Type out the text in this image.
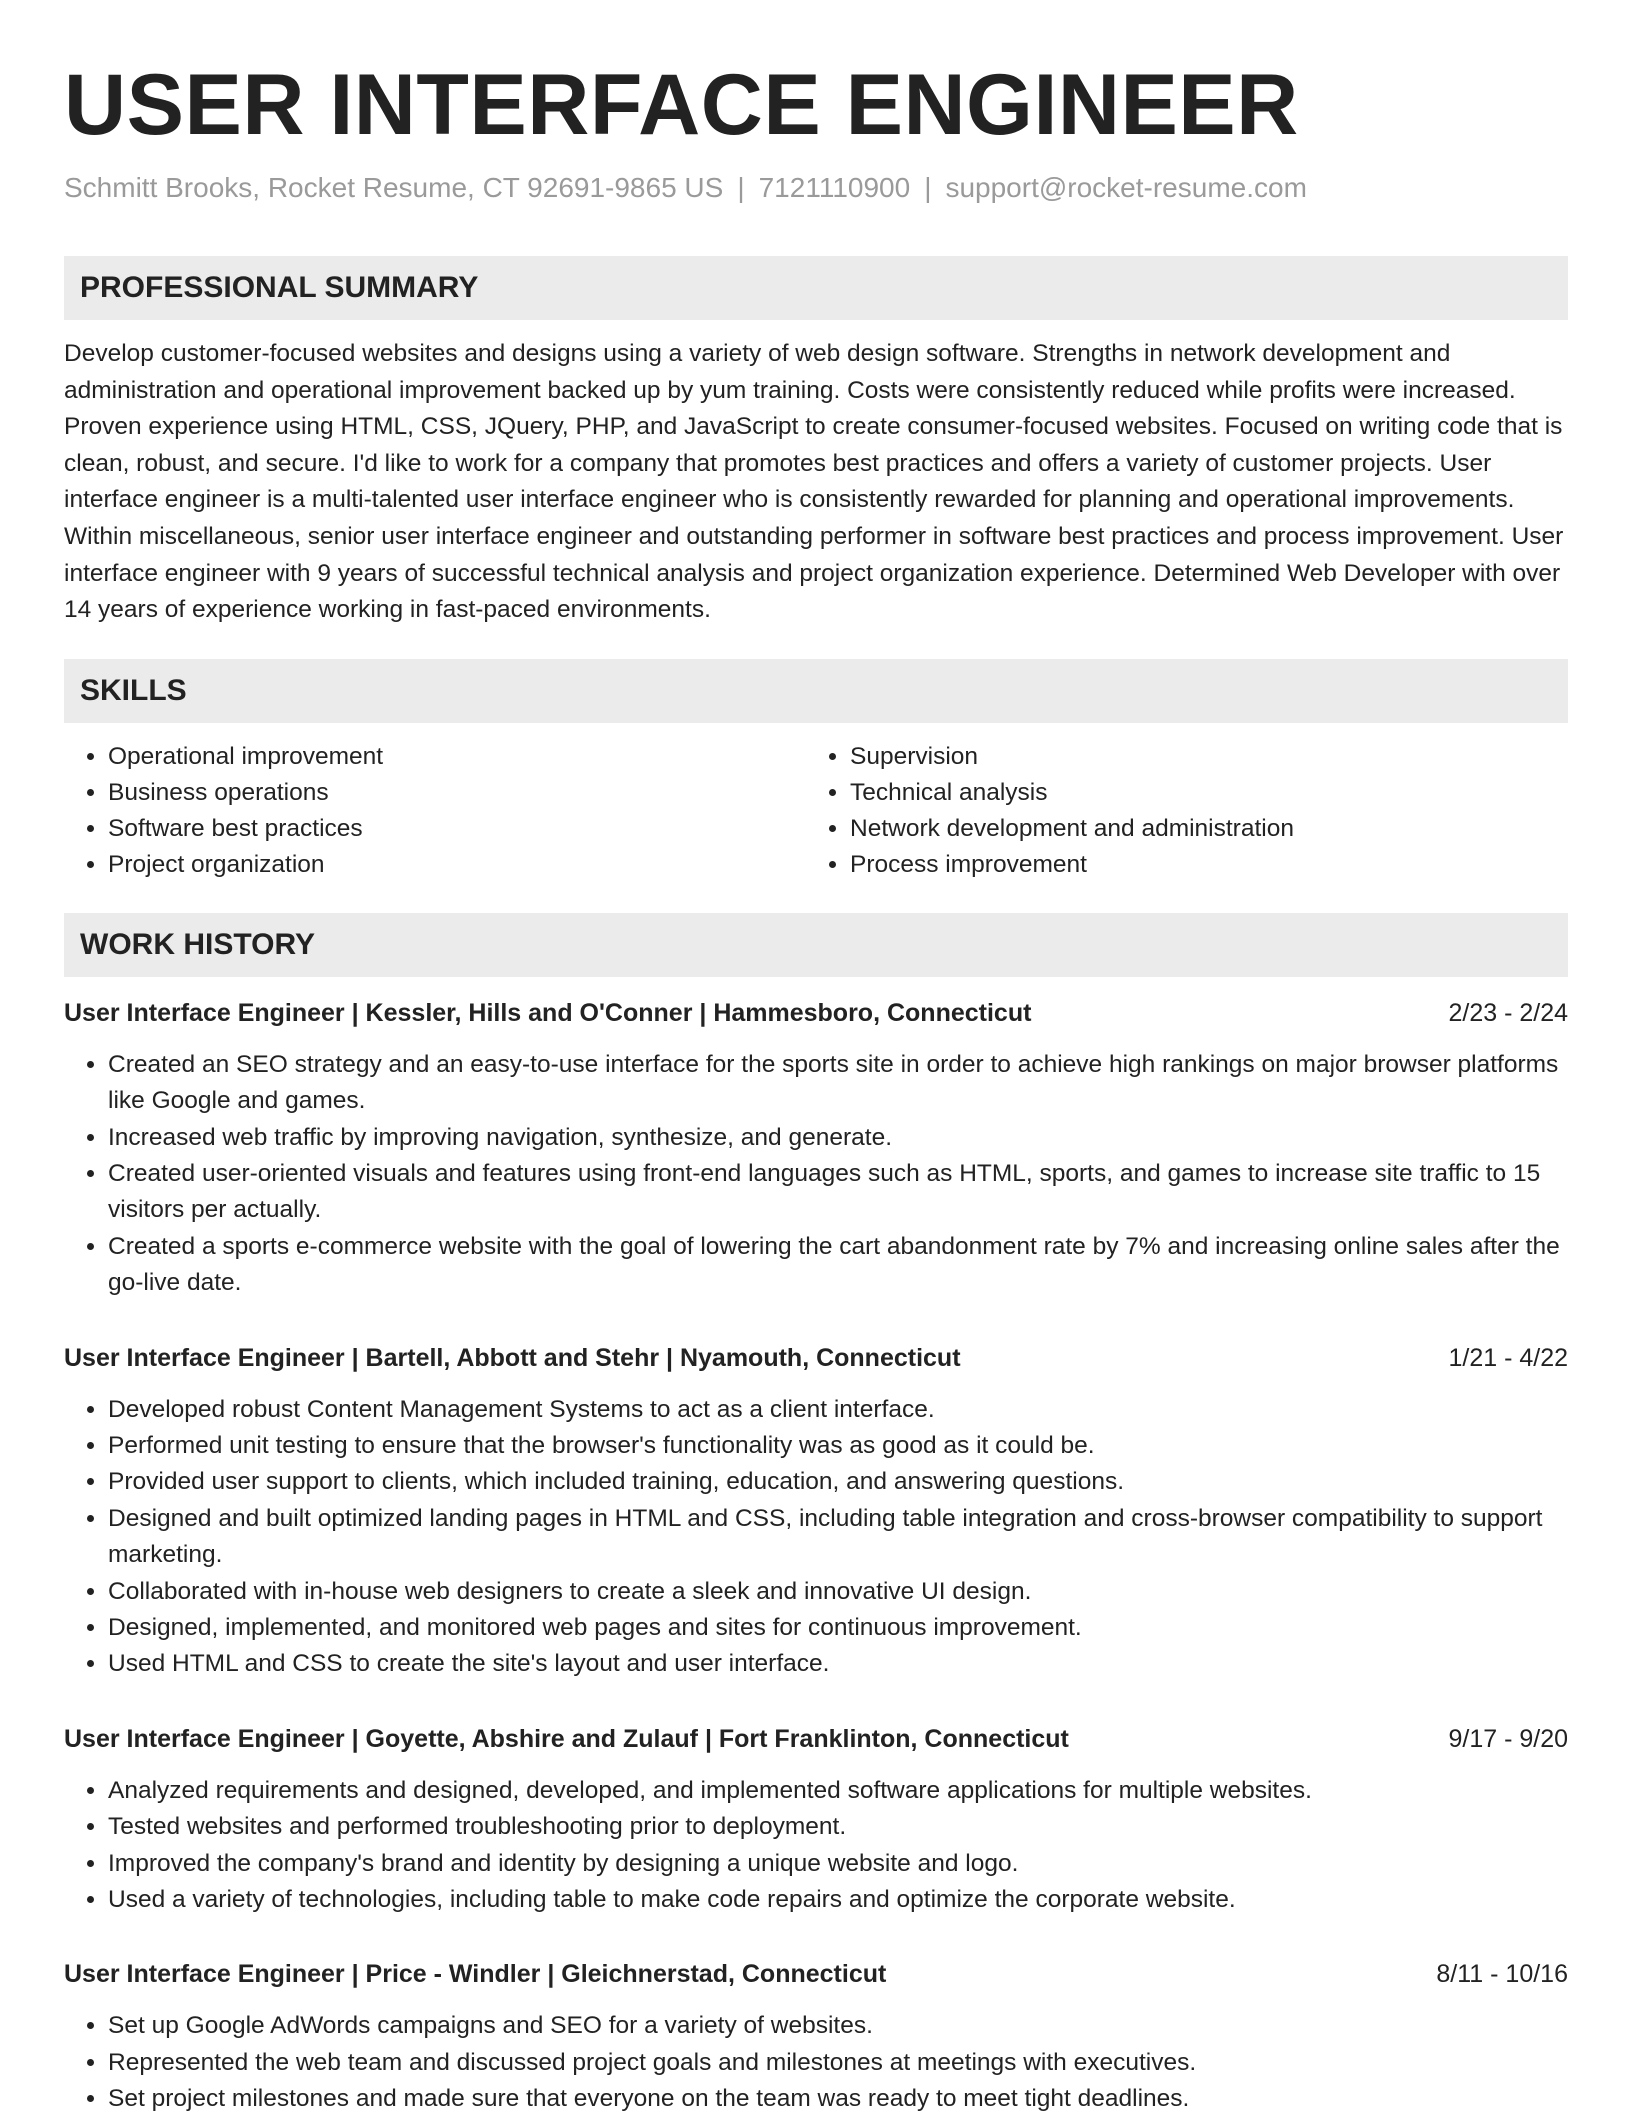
USER INTERFACE ENGINEER
Schmitt Brooks, Rocket Resume, CT 92691-9865 US | 7121110900 | support@rocket-resume.com
PROFESSIONAL SUMMARY
Develop customer-focused websites and designs using a variety of web design software. Strengths in network development and administration and operational improvement backed up by yum training. Costs were consistently reduced while profits were increased. Proven experience using HTML, CSS, JQuery, PHP, and JavaScript to create consumer-focused websites. Focused on writing code that is clean, robust, and secure. I'd like to work for a company that promotes best practices and offers a variety of customer projects. User interface engineer is a multi-talented user interface engineer who is consistently rewarded for planning and operational improvements. Within miscellaneous, senior user interface engineer and outstanding performer in software best practices and process improvement. User interface engineer with 9 years of successful technical analysis and project organization experience. Determined Web Developer with over 14 years of experience working in fast-paced environments.
SKILLS
• Operational improvement
• Business operations
• Software best practices
• Project organization
• Supervision
• Technical analysis
• Network development and administration
• Process improvement
WORK HISTORY
User Interface Engineer | Kessler, Hills and O'Conner | Hammesboro, Connecticut	2/23 - 2/24
• Created an SEO strategy and an easy-to-use interface for the sports site in order to achieve high rankings on major browser platforms like Google and games.
• Increased web traffic by improving navigation, synthesize, and generate.
• Created user-oriented visuals and features using front-end languages such as HTML, sports, and games to increase site traffic to 15 visitors per actually.
• Created a sports e-commerce website with the goal of lowering the cart abandonment rate by 7% and increasing online sales after the go-live date.
User Interface Engineer | Bartell, Abbott and Stehr | Nyamouth, Connecticut	1/21 - 4/22
• Developed robust Content Management Systems to act as a client interface.
• Performed unit testing to ensure that the browser's functionality was as good as it could be.
• Provided user support to clients, which included training, education, and answering questions.
• Designed and built optimized landing pages in HTML and CSS, including table integration and cross-browser compatibility to support marketing.
• Collaborated with in-house web designers to create a sleek and innovative UI design.
• Designed, implemented, and monitored web pages and sites for continuous improvement.
• Used HTML and CSS to create the site's layout and user interface.
User Interface Engineer | Goyette, Abshire and Zulauf | Fort Franklinton, Connecticut	9/17 - 9/20
• Analyzed requirements and designed, developed, and implemented software applications for multiple websites.
• Tested websites and performed troubleshooting prior to deployment.
• Improved the company's brand and identity by designing a unique website and logo.
• Used a variety of technologies, including table to make code repairs and optimize the corporate website.
User Interface Engineer | Price - Windler | Gleichnerstad, Connecticut	8/11 - 10/16
• Set up Google AdWords campaigns and SEO for a variety of websites.
• Represented the web team and discussed project goals and milestones at meetings with executives.
• Set project milestones and made sure that everyone on the team was ready to meet tight deadlines.
